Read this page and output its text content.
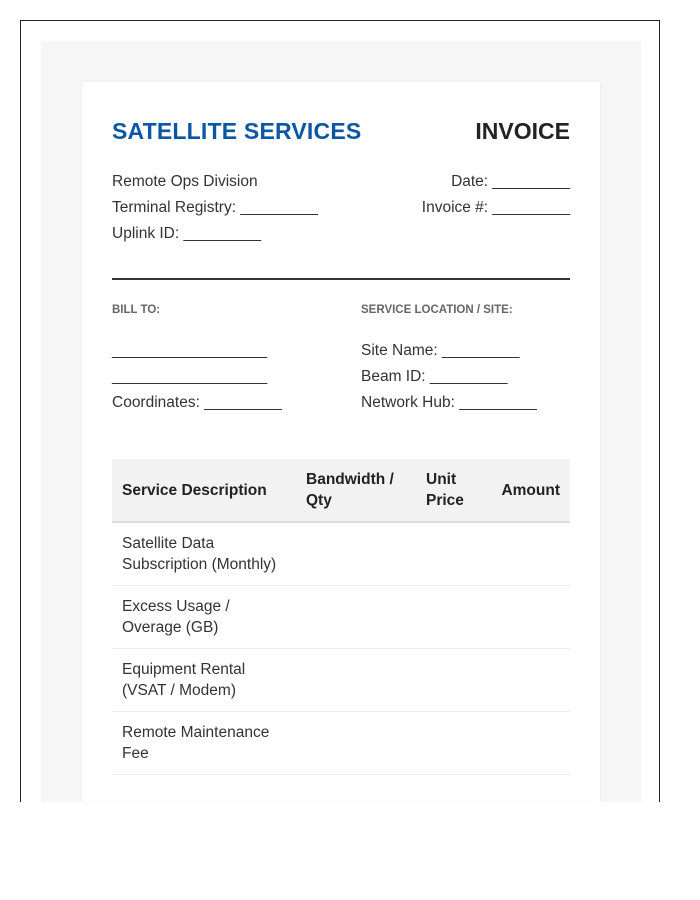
SATELLITE SERVICES	INVOICE
Remote Ops Division
Terminal Registry: _________
Uplink ID: _________
Date: _________
Invoice #: _________
BILL TO:	SERVICE LOCATION / SITE:
__________________
__________________
Coordinates: _________
Site Name: _________
Beam ID: _________
Network Hub: _________
Service Description	Bandwidth / Qty	Unit Price	Amount
Satellite Data Subscription (Monthly)			
Excess Usage / Overage (GB)			
Equipment Rental (VSAT / Modem)			
Remote Maintenance Fee			
